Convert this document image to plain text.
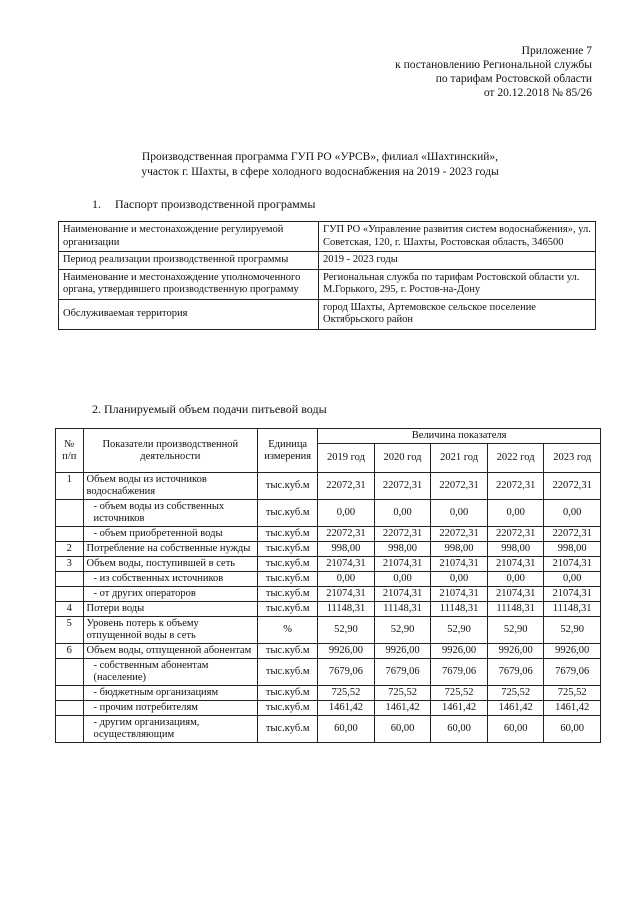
Приложение 7
к постановлению Региональной службы
по тарифам Ростовской области
от 20.12.2018 № 85/26
Производственная программа ГУП РО «УРСВ», филиал «Шахтинский»,
участок г. Шахты, в сфере холодного водоснабжения на 2019 - 2023 годы
1. Паспорт производственной программы
Наименование и местонахождение регулируемой организации	ГУП РО «Управление развития систем водоснабжения», ул. Советская, 120, г. Шахты, Ростовская область, 346500
Период реализации производственной программы	2019 - 2023 годы
Наименование и местонахождение уполномоченного органа, утвердившего производственную программу	Региональная служба по тарифам Ростовской области ул. М.Горького, 295, г. Ростов-на-Дону
Обслуживаемая территория	город Шахты, Артемовское сельское поселение Октябрьского район
2. Планируемый объем подачи питьевой воды
№ п/п	Показатели производственной деятельности	Единица измерения	Величина показателя				
			2019 год	2020 год	2021 год	2022 год	2023 год
1	Объем воды из источников водоснабжения	тыс.куб.м	22072,31	22072,31	22072,31	22072,31	22072,31
	- объем воды из собственных источников	тыс.куб.м	0,00	0,00	0,00	0,00	0,00
	- объем приобретенной воды	тыс.куб.м	22072,31	22072,31	22072,31	22072,31	22072,31
2	Потребление на собственные нужды	тыс.куб.м	998,00	998,00	998,00	998,00	998,00
3	Объем воды, поступившей в сеть	тыс.куб.м	21074,31	21074,31	21074,31	21074,31	21074,31
	- из собственных источников	тыс.куб.м	0,00	0,00	0,00	0,00	0,00
	- от других операторов	тыс.куб.м	21074,31	21074,31	21074,31	21074,31	21074,31
4	Потери воды	тыс.куб.м	11148,31	11148,31	11148,31	11148,31	11148,31
5	Уровень потерь к объему отпущенной воды в сеть	%	52,90	52,90	52,90	52,90	52,90
6	Объем воды, отпущенной абонентам	тыс.куб.м	9926,00	9926,00	9926,00	9926,00	9926,00
	- собственным абонентам (население)	тыс.куб.м	7679,06	7679,06	7679,06	7679,06	7679,06
	- бюджетным организациям	тыс.куб.м	725,52	725,52	725,52	725,52	725,52
	- прочим потребителям	тыс.куб.м	1461,42	1461,42	1461,42	1461,42	1461,42
	- другим организациям, осуществляющим	тыс.куб.м	60,00	60,00	60,00	60,00	60,00
